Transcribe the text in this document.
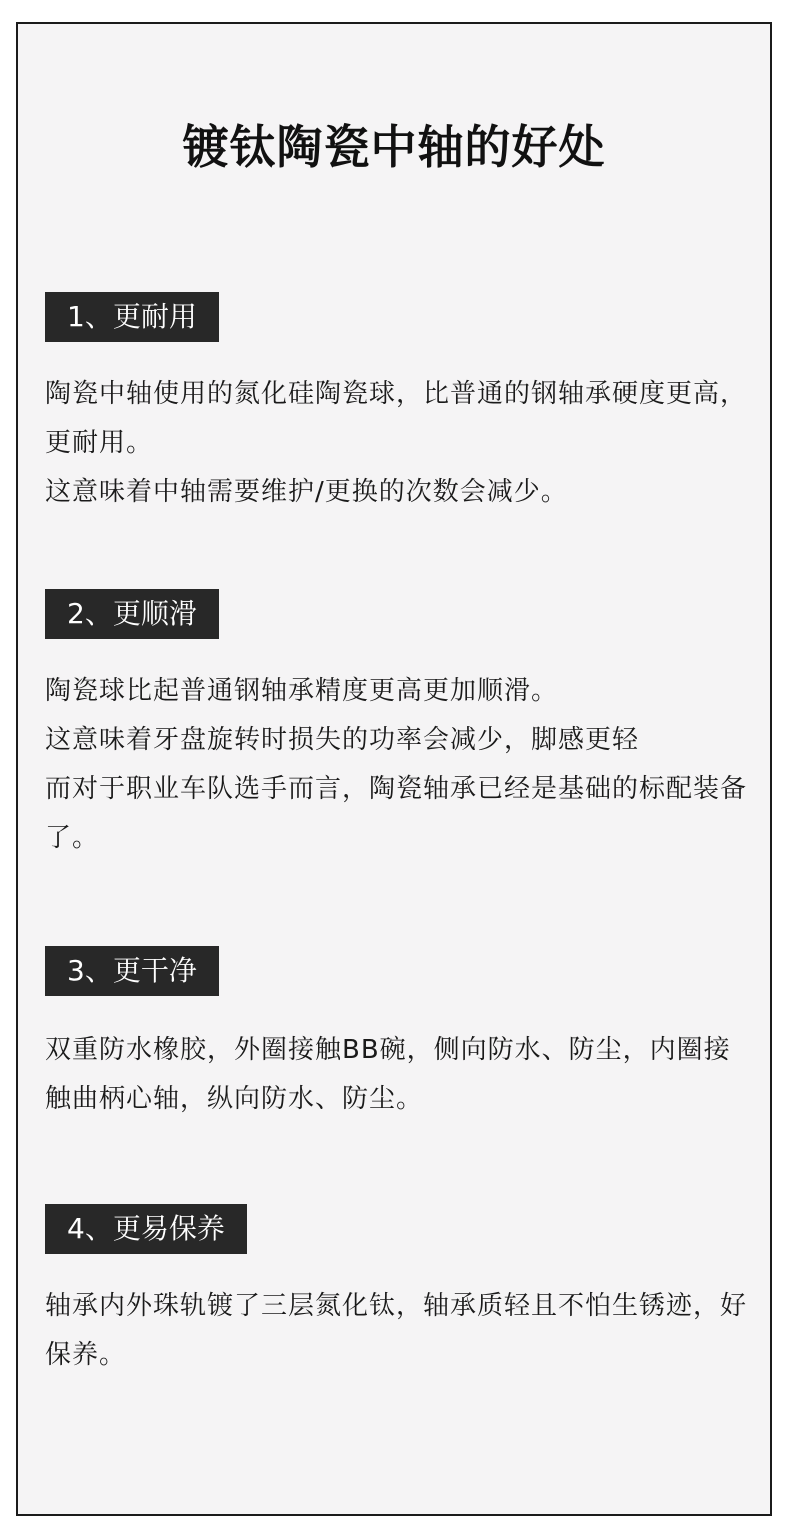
镀钛陶瓷中轴的好处
1、更耐用

陶瓷中轴使用的氮化硅陶瓷球，比普通的钢轴承硬度更高，更耐用。

这意味着中轴需要维护/更换的次数会减少。

2、更顺滑

陶瓷球比起普通钢轴承精度更高更加顺滑。

这意味着牙盘旋转时损失的功率会减少，脚感更轻

而对于职业车队选手而言，陶瓷轴承已经是基础的标配装备了。

3、更干净

双重防水橡胶，外圈接触BB碗，侧向防水、防尘，内圈接触曲柄心轴，纵向防水、防尘。

4、更易保养

轴承内外珠轨镀了三层氮化钛，轴承质轻且不怕生锈迹，好保养。
